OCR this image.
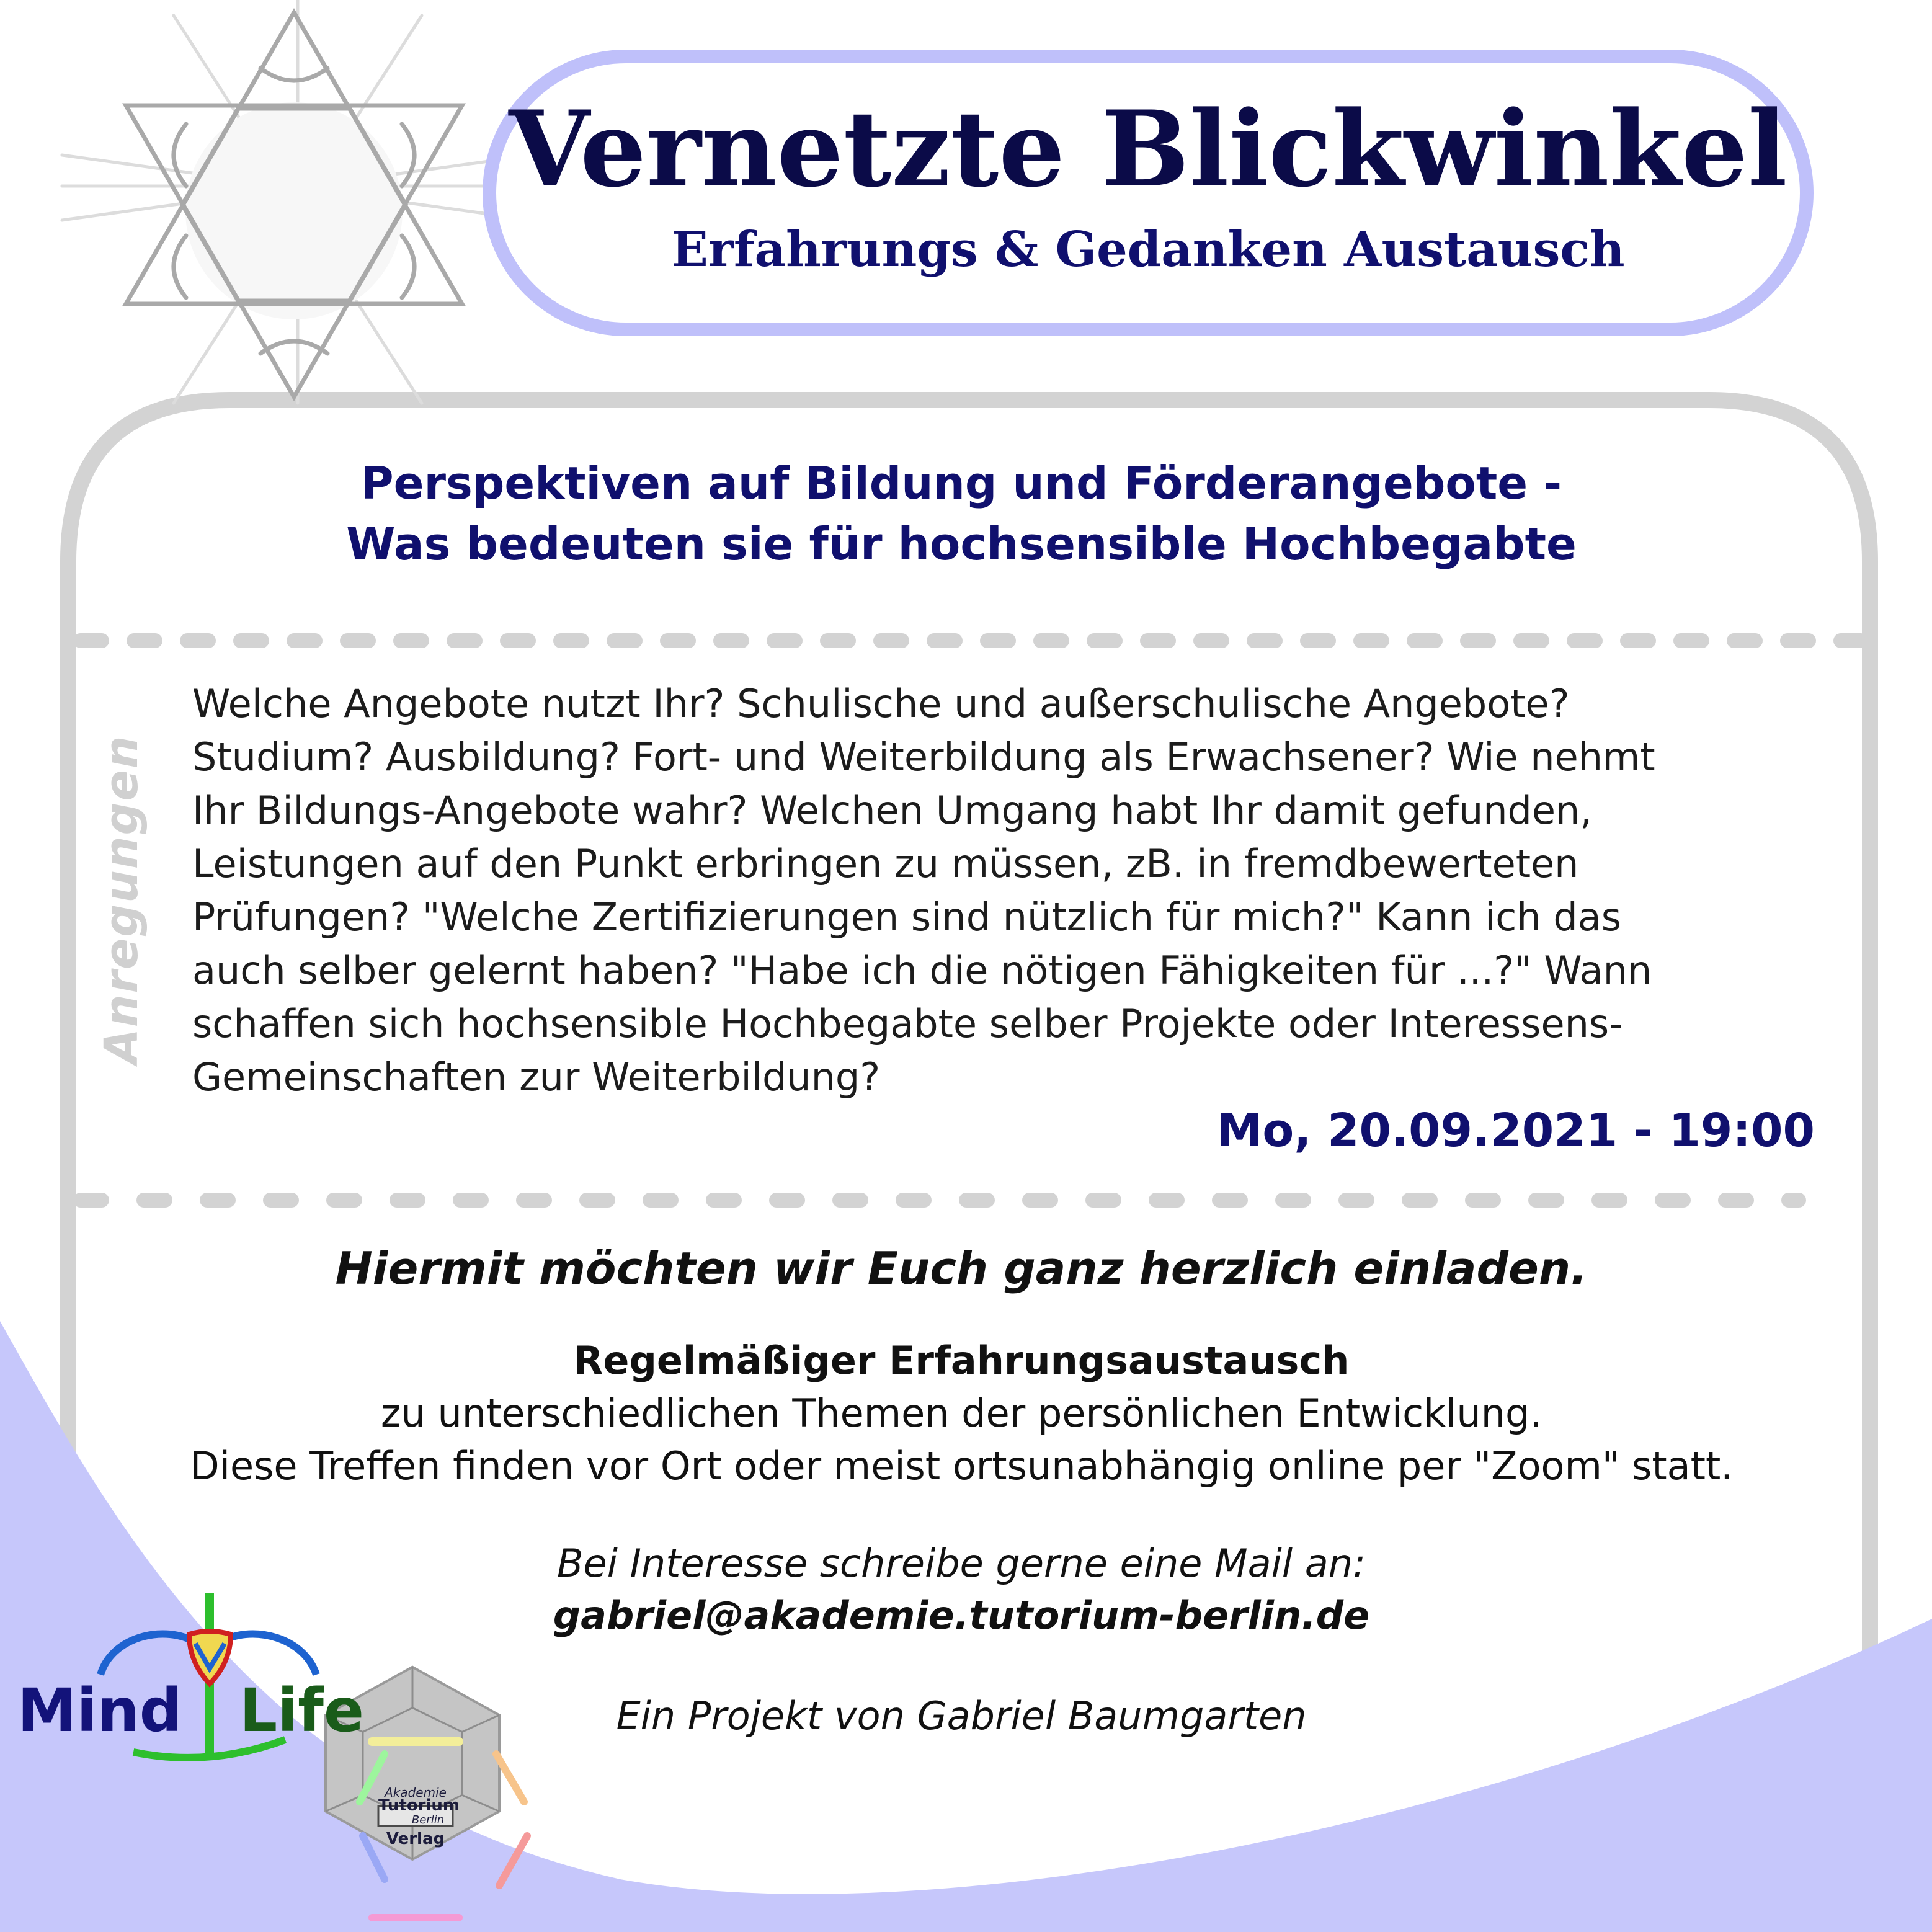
Vernetzte Blickwinkel
Erfahrungs & Gedanken Austausch
Perspektiven auf Bildung und Förderangebote -
Was bedeuten sie für hochsensible Hochbegabte
Anregungen
Welche Angebote nutzt Ihr? Schulische und außerschulische Angebote?
Studium? Ausbildung? Fort- und Weiterbildung als Erwachsener? Wie nehmt
Ihr Bildungs-Angebote wahr? Welchen Umgang habt Ihr damit gefunden,
Leistungen auf den Punkt erbringen zu müssen, zB. in fremdbewerteten
Prüfungen? "Welche Zertifizierungen sind nützlich für mich?" Kann ich das
auch selber gelernt haben? "Habe ich die nötigen Fähigkeiten für ...?" Wann
schaffen sich hochsensible Hochbegabte selber Projekte oder Interessens-
Gemeinschaften zur Weiterbildung?
Mo, 20.09.2021 - 19:00
Hiermit möchten wir Euch ganz herzlich einladen.
Regelmäßiger Erfahrungsaustausch
zu unterschiedlichen Themen der persönlichen Entwicklung.
Diese Treffen finden vor Ort oder meist ortsunabhängig online per "Zoom" statt.
Bei Interesse schreibe gerne eine Mail an:
gabriel@akademie.tutorium-berlin.de
Ein Projekt von Gabriel Baumgarten
Mind Life
Akademie
Tutorium
Berlin
Verlag
